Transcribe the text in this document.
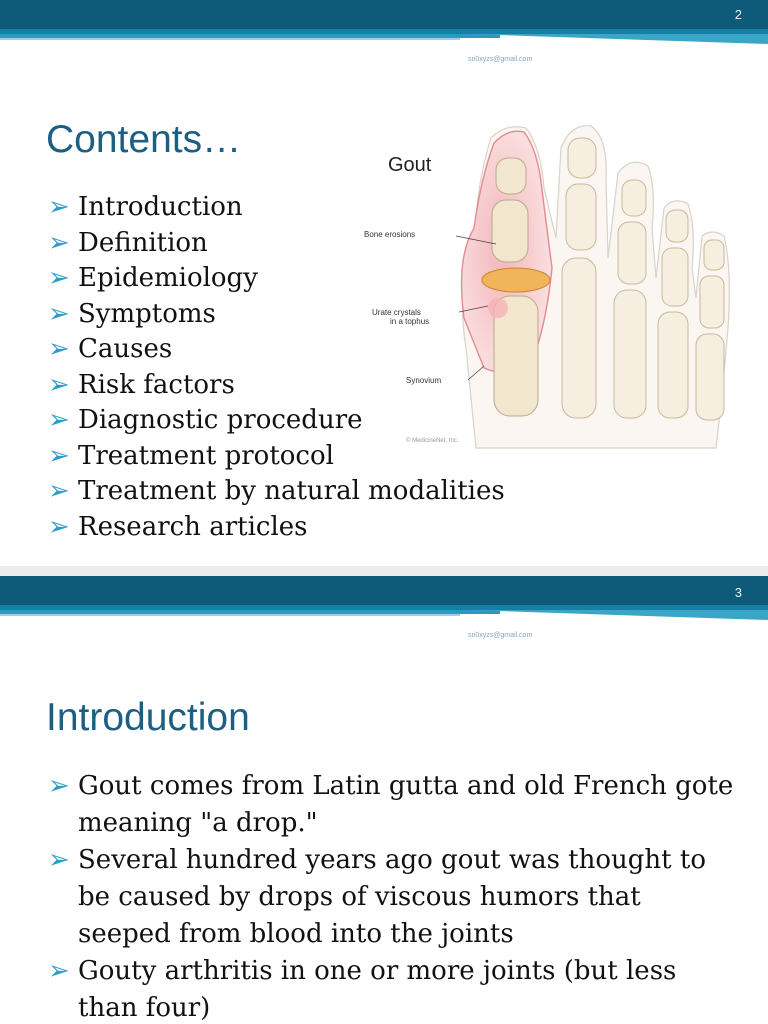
2
sri0xyzs@gmail.com
Contents…
➢ Introduction
➢ Definition
➢ Epidemiology
➢ Symptoms
➢ Causes
➢ Risk factors
➢ Diagnostic procedure
➢ Treatment protocol
➢ Treatment by natural modalities
➢ Research articles
Gout
Bone erosions
Urate crystals
in a tophus
Synovium
© MedicineNet, Inc.
3
sri0xyzs@gmail.com
Introduction
➢ Gout comes from Latin gutta and old French gote meaning "a drop."
➢ Several hundred years ago gout was thought to be caused by drops of viscous humors that seeped from blood into the joints
➢ Gouty arthritis in one or more joints (but less than four)
